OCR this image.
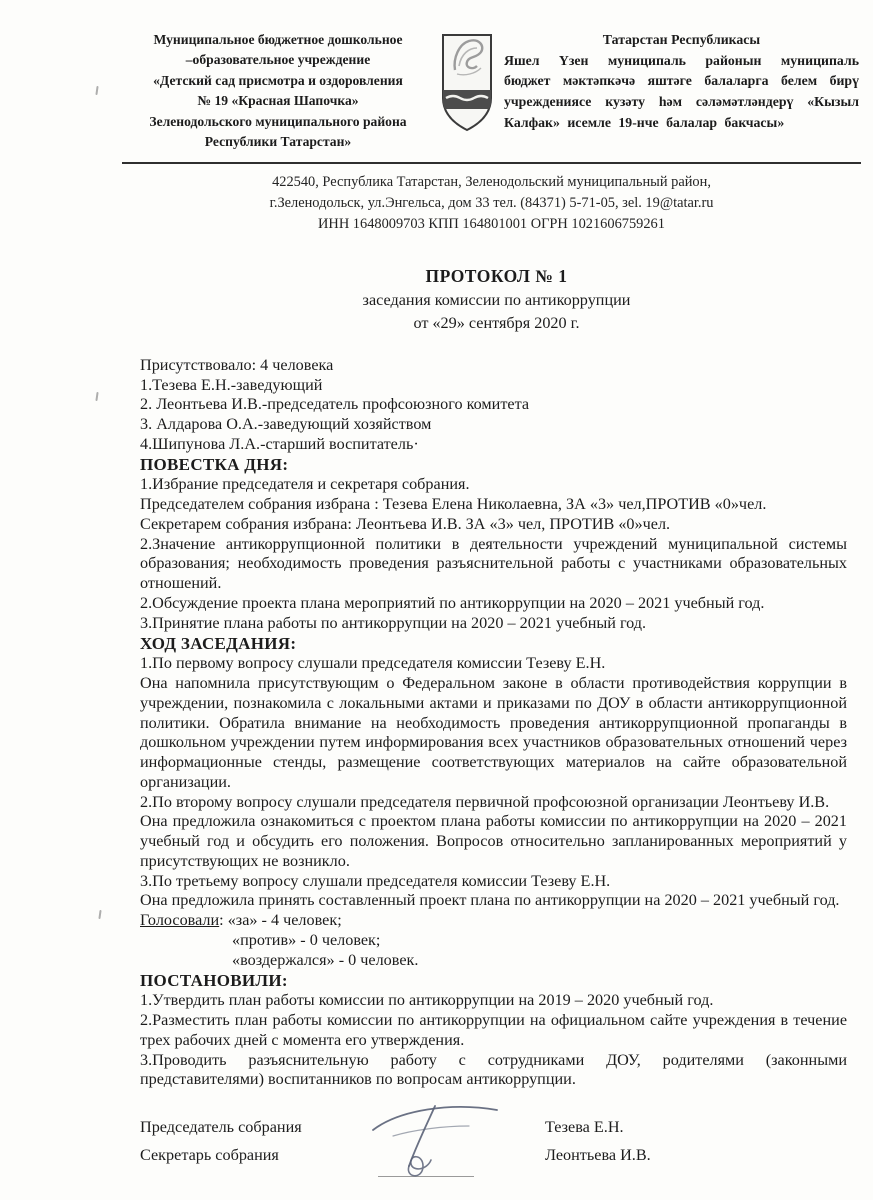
Муниципальное бюджетное дошкольное
–образовательное учреждение
«Детский сад присмотра и оздоровления
№ 19 «Красная Шапочка»
Зеленодольского муниципального района
Республики Татарстан»
Татарстан Республикасы
Яшел Үзен муниципаль районын муниципаль бюджет мәктәпкәчә яштәге балаларга белем бирү учреждениясе кузәту һәм сәләмәтләндерү «Кызыл Калфак» исемле 19-нче балалар бакчасы»
422540, Республика Татарстан, Зеленодольский муниципальный район,
г.Зеленодольск, ул.Энгельса, дом 33 тел. (84371) 5-71-05, зel. 19@tatar.ru
ИНН 1648009703 КПП 164801001 ОГРН 1021606759261
ПРОТОКОЛ № 1
заседания комиссии по антикоррупции
от «29» сентября 2020 г.

Присутствовало: 4 человека

1.Тезева Е.Н.-заведующий

2. Леонтьева И.В.-председатель профсоюзного комитета

3. Алдарова О.А.-заведующий хозяйством

4.Шипунова Л.А.-старший воспитатель·

ПОВЕСТКА ДНЯ:

1.Избрание председателя и секретаря собрания.

Председателем собрания избрана : Тезева Елена Николаевна, ЗА «3» чел,ПРОТИВ «0»чел.

Секретарем собрания избрана: Леонтьева И.В. ЗА «3» чел, ПРОТИВ «0»чел.

2.Значение антикоррупционной политики в деятельности учреждений муниципальной системы образования; необходимость проведения разъяснительной работы с участниками образовательных отношений.

2.Обсуждение проекта плана мероприятий по антикоррупции на 2020 – 2021 учебный год.

3.Принятие плана работы по антикоррупции на 2020 – 2021 учебный год.

ХОД ЗАСЕДАНИЯ:

1.По первому вопросу слушали председателя комиссии Тезеву Е.Н.

Она напомнила присутствующим о Федеральном законе в области противодействия коррупции в учреждении, познакомила с локальными актами и приказами по ДОУ в области антикоррупционной политики. Обратила внимание на необходимость проведения антикоррупционной пропаганды в дошкольном учреждении путем информирования всех участников образовательных отношений через информационные стенды, размещение соответствующих материалов на сайте образовательной организации.

2.По второму вопросу слушали председателя первичной профсоюзной организации Леонтьеву И.В.

Она предложила ознакомиться с проектом плана работы комиссии по антикоррупции на 2020 – 2021 учебный год и обсудить его положения. Вопросов относительно запланированных мероприятий у присутствующих не возникло.

3.По третьему вопросу слушали председателя комиссии Тезеву Е.Н.

Она предложила принять составленный проект плана по антикоррупции на 2020 – 2021 учебный год.

Голосовали: «за» - 4 человек;

«против» - 0 человек;

«воздержался» - 0 человек.

ПОСТАНОВИЛИ:

1.Утвердить план работы комиссии по антикоррупции на 2019 – 2020 учебный год.

2.Разместить план работы комиссии по антикоррупции на официальном сайте учреждения в течение трех рабочих дней с момента его утверждения.

3.Проводить разъяснительную работу с сотрудниками ДОУ, родителями (законными представителями) воспитанников по вопросам антикоррупции.

Председатель собрания	Тезева Е.Н.
Секретарь собрания	Леонтьева И.В.
